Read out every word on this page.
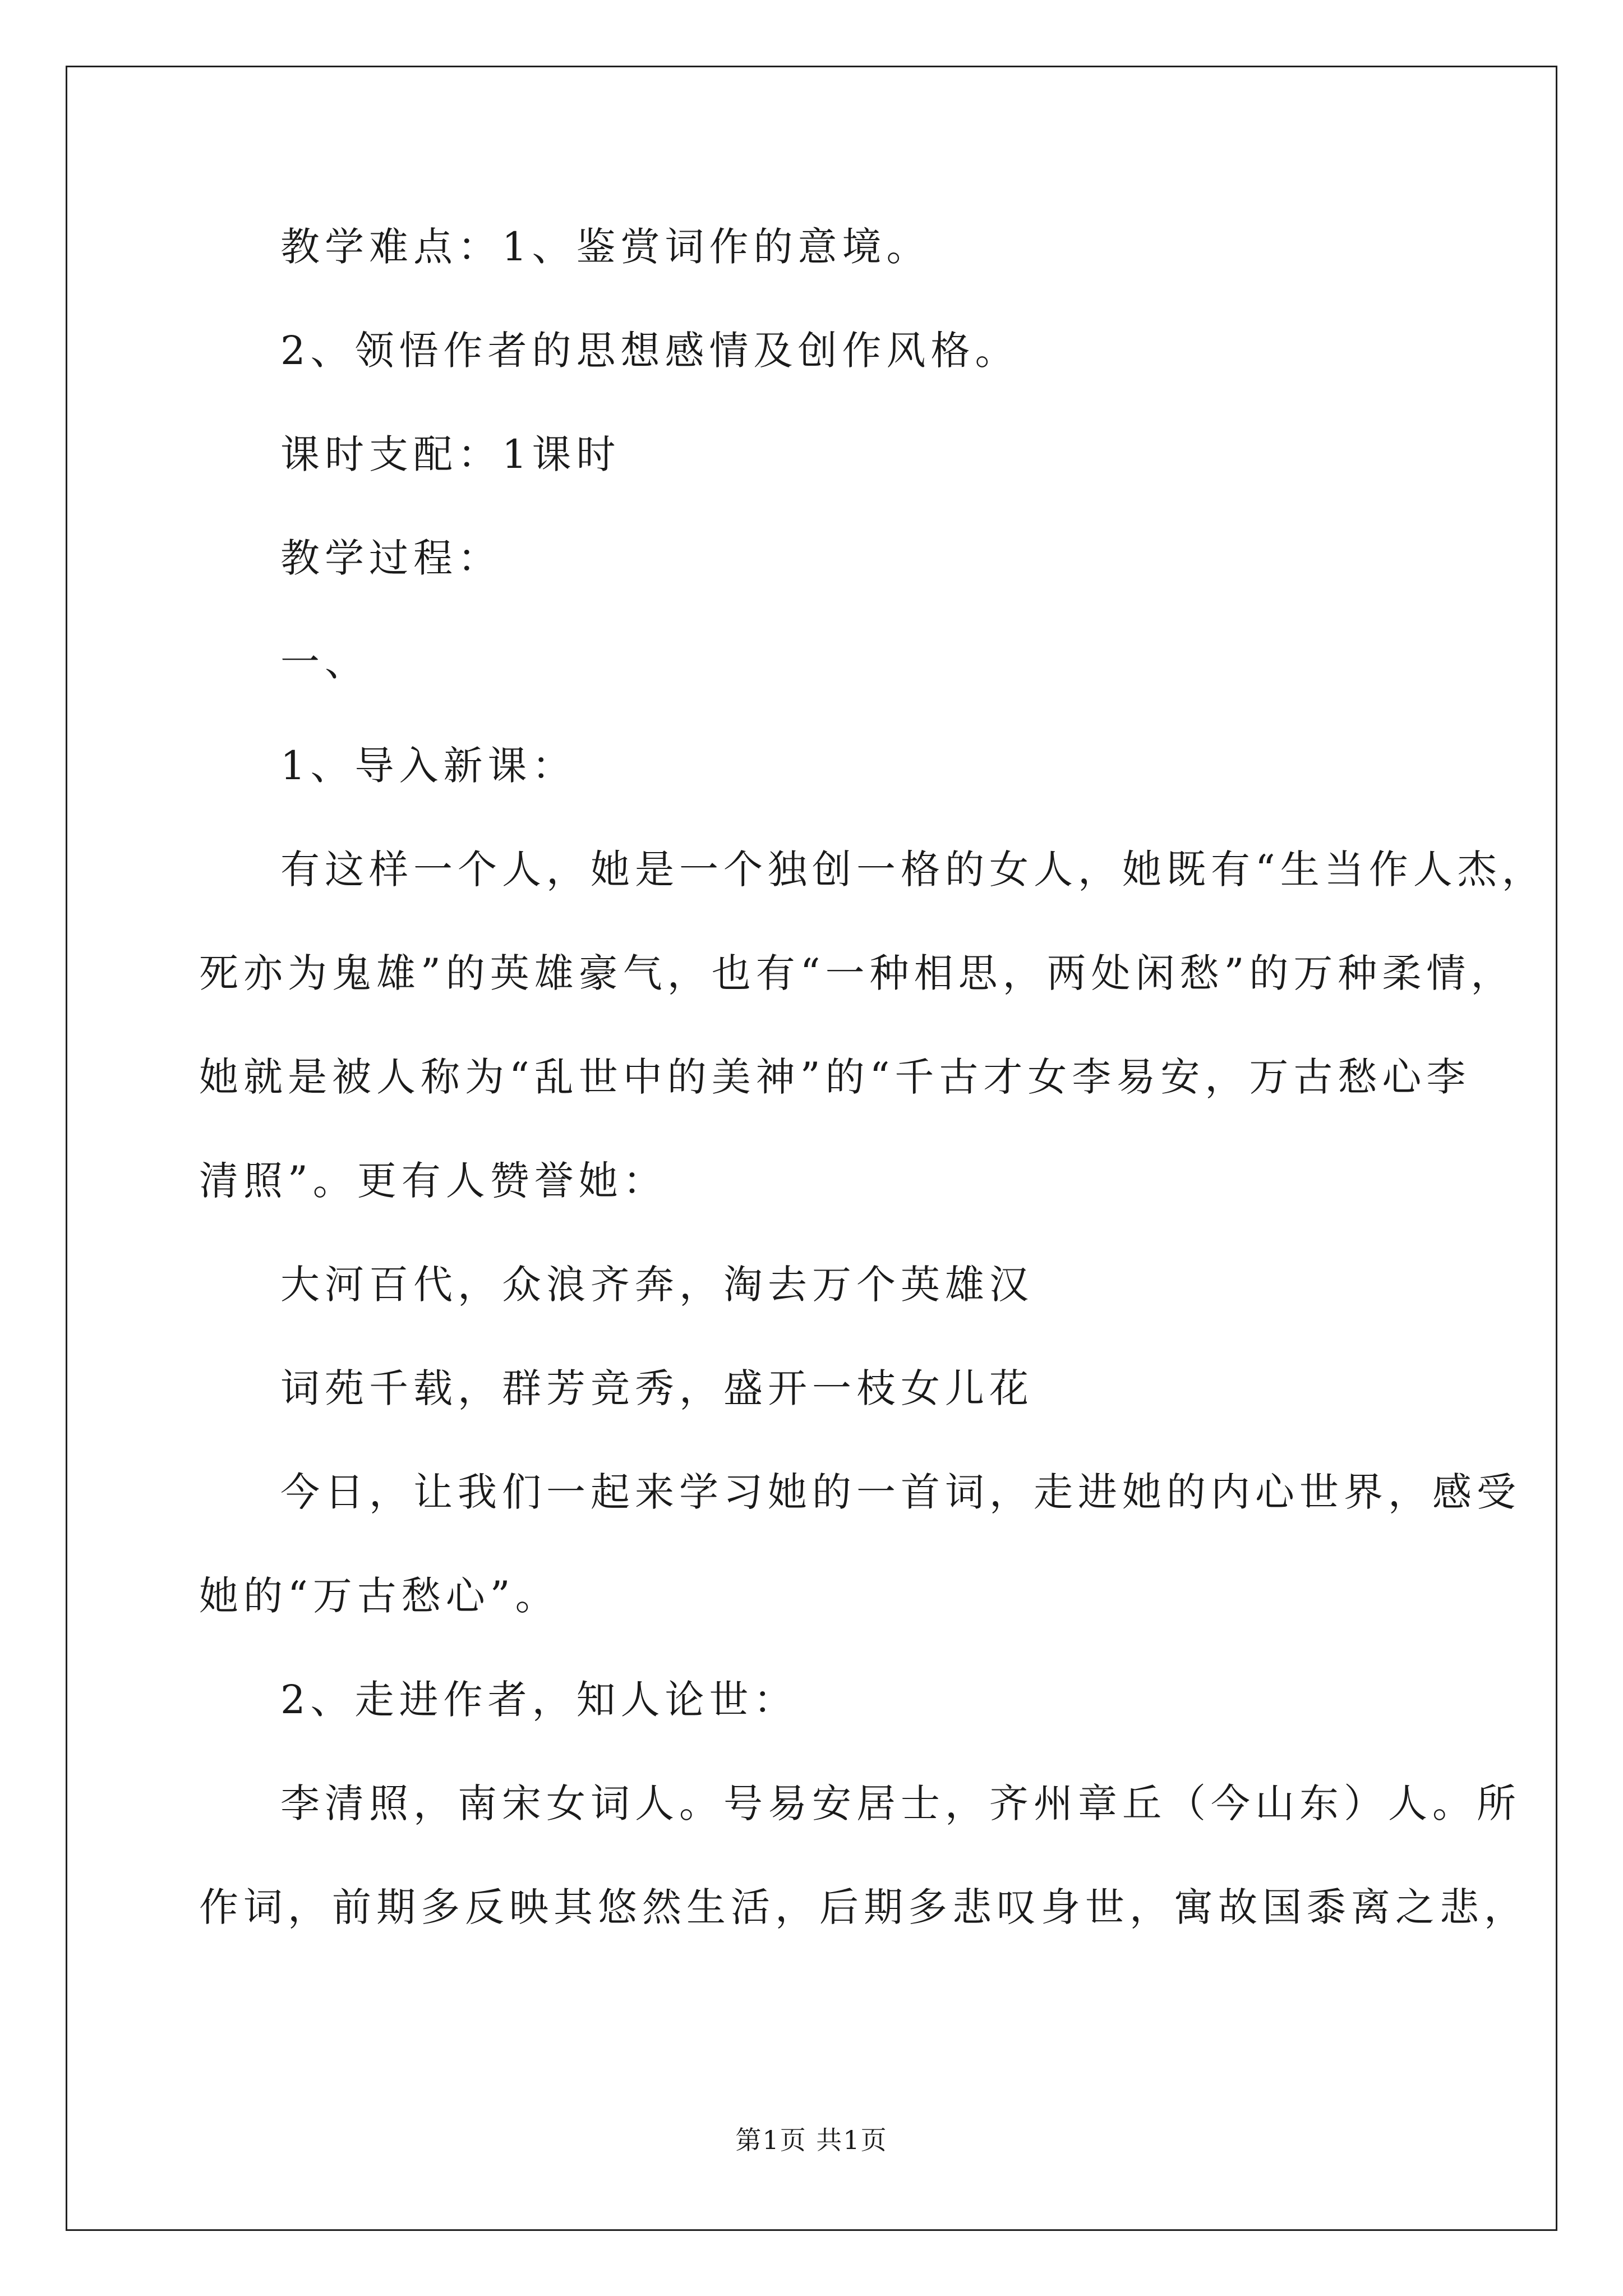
教学难点：1、鉴赏词作的意境。
2、领悟作者的思想感情及创作风格。
课时支配：1课时
教学过程：
一、
1、导入新课：
有这样一个人，她是一个独创一格的女人，她既有“生当作人杰，
死亦为鬼雄”的英雄豪气，也有“一种相思，两处闲愁”的万种柔情，
她就是被人称为“乱世中的美神”的“千古才女李易安，万古愁心李
清照”。更有人赞誉她：
大河百代，众浪齐奔，淘去万个英雄汉
词苑千载，群芳竞秀，盛开一枝女儿花
今日，让我们一起来学习她的一首词，走进她的内心世界，感受
她的“万古愁心”。
2、走进作者，知人论世：
李清照，南宋女词人。号易安居士，齐州章丘（今山东）人。所
作词，前期多反映其悠然生活，后期多悲叹身世，寓故国黍离之悲，
第1页 共1页
